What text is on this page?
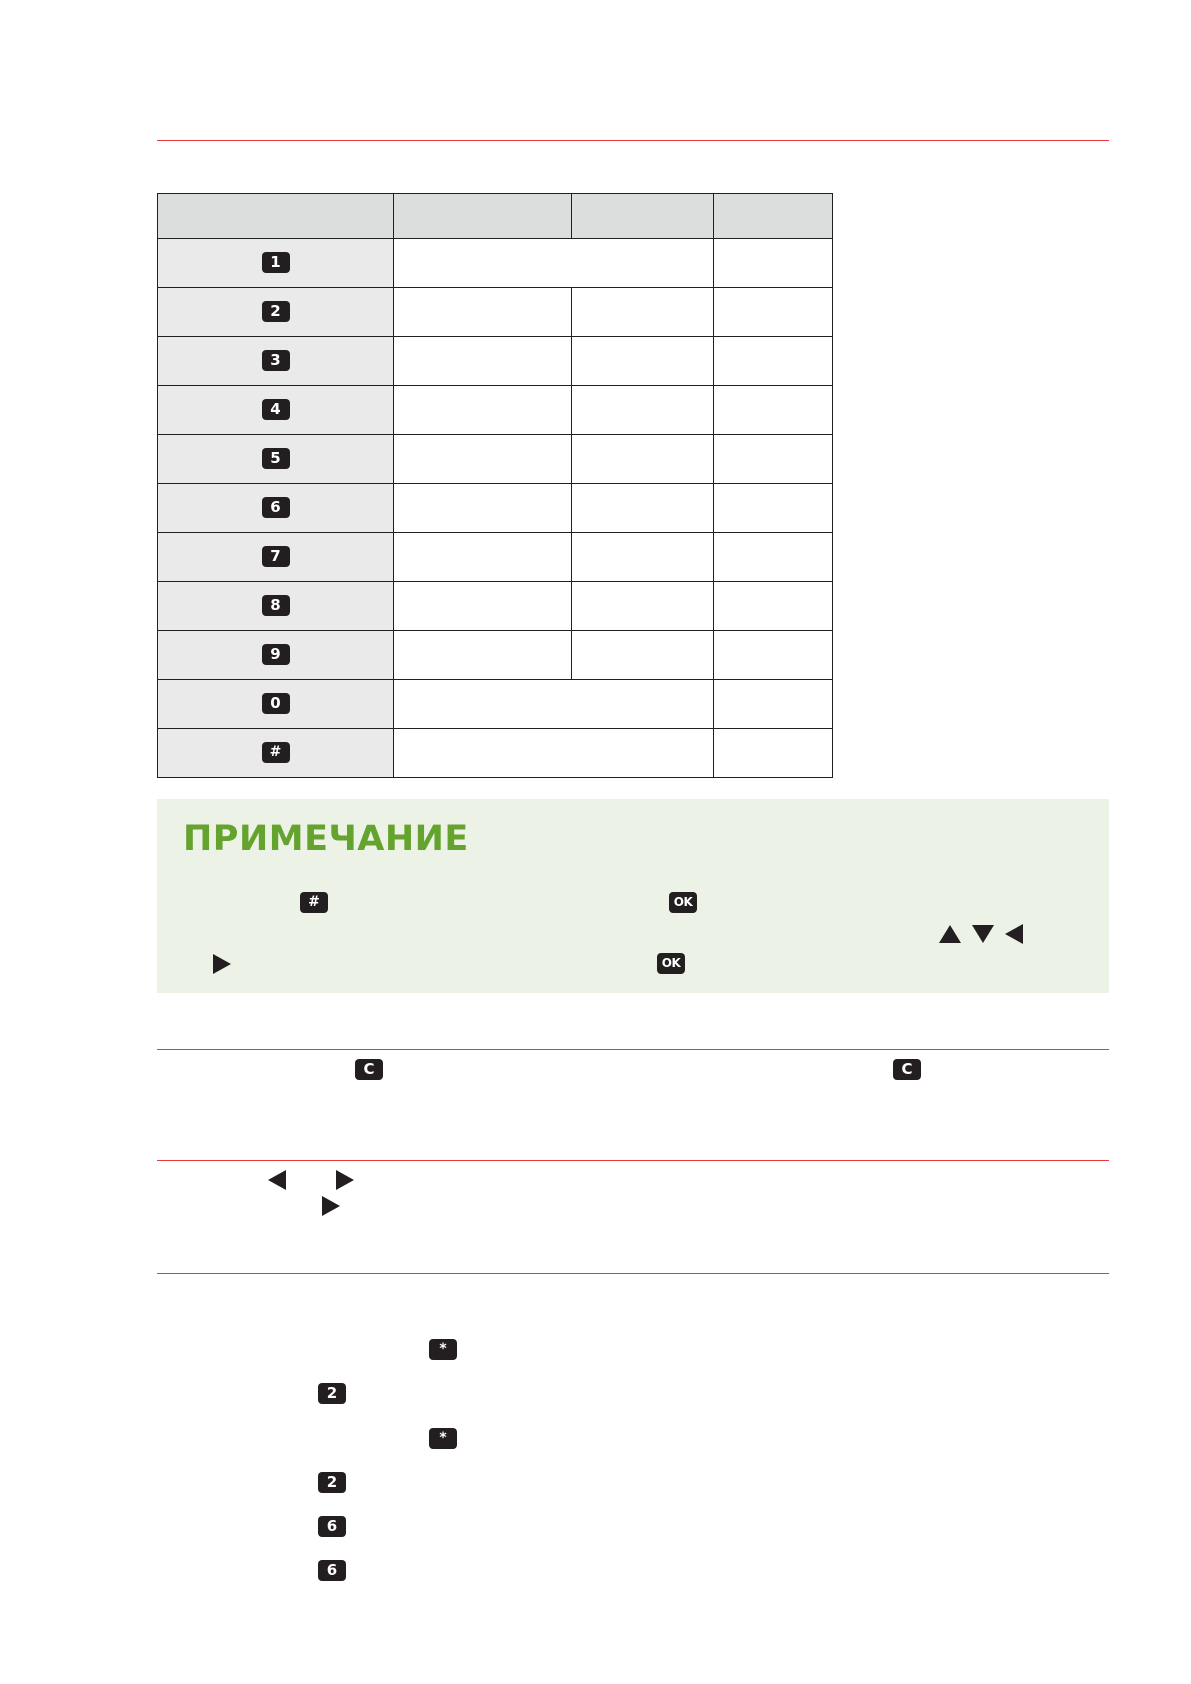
1			
2			
3			
4			
5			
6			
7			
8			
9			
0			
#			
ПРИМЕЧАНИЕ
#	OK
OK
C	C
*
2
*
2
6
6
